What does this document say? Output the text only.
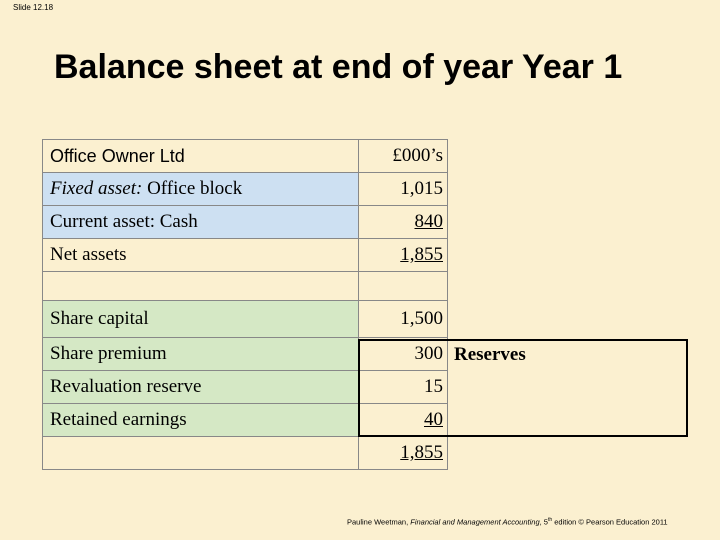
Slide 12.18
Balance sheet at end of year Year 1
Office Owner Ltd	£000’s
Fixed asset: Office block	1,015
Current asset: Cash	840
Net assets	1,855

Share capital	1,500
Share premium	300
Revaluation reserve	15
Retained earnings	40
	1,855
Reserves
Pauline Weetman, Financial and Management Accounting, 5th edition © Pearson Education 2011
